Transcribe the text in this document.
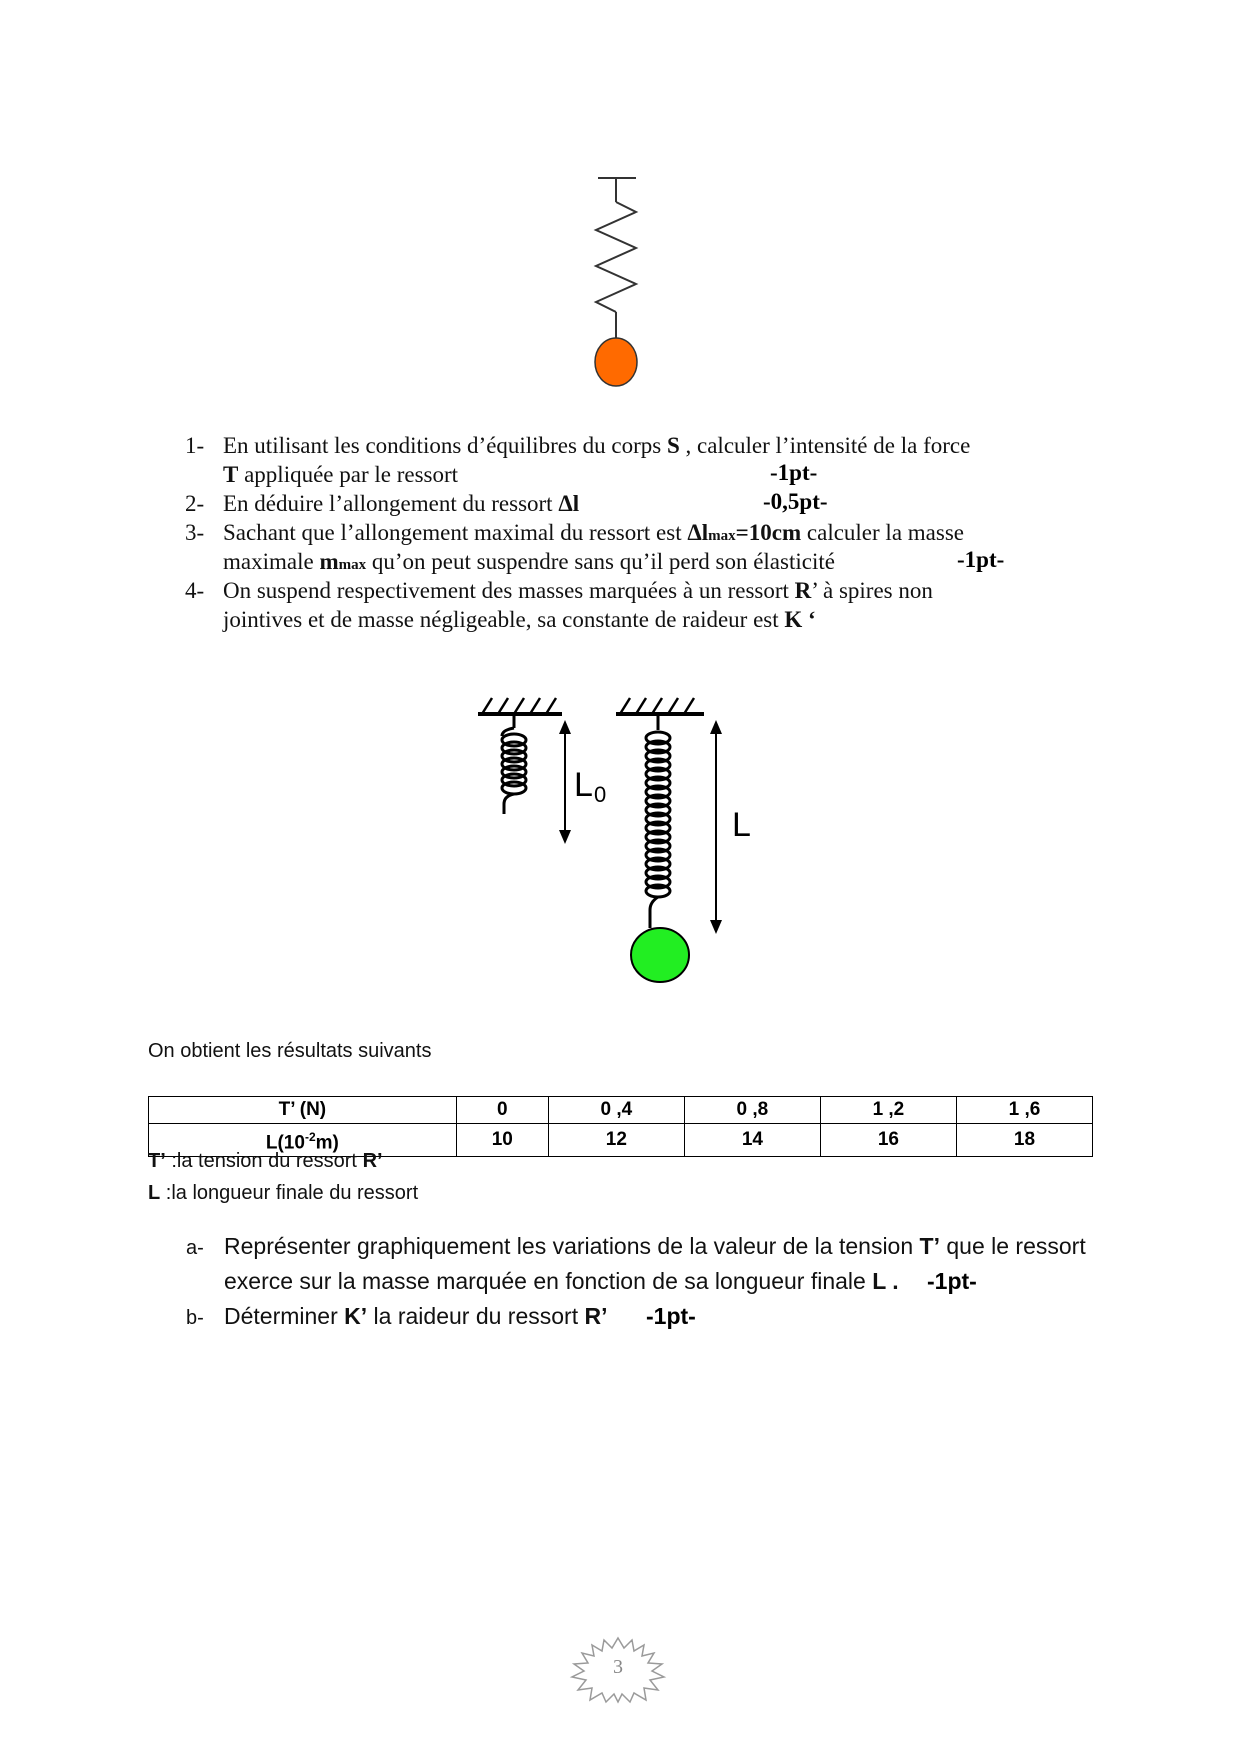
1- En utilisant les conditions d’équilibres du corps S , calculer l’intensité de la force
T appliquée par le ressort	-1pt-
2- En déduire l’allongement du ressort Δl	-0,5pt-
3- Sachant que l’allongement maximal du ressort est Δlmax=10cm calculer la masse
maximale mmax qu’on peut suspendre sans qu’il perd son élasticité	-1pt-
4- On suspend respectivement des masses marquées à un ressort R’ à spires non
jointives et de masse négligeable, sa constante de raideur est K ‘
L 0
L
On obtient les résultats suivants
T’ (N)	0	0 ,4	0 ,8	1 ,2	1 ,6
$L(10^{-2}m)$	10	12	14	16	18
T’ :la tension du ressort R’
L :la longueur finale du ressort
a- Représenter graphiquement les variations de la valeur de la tension T’ que le ressort
exerce sur la masse marquée en fonction de sa longueur finale L . -1pt-
b- Déterminer K’ la raideur du ressort R’ -1pt-
3
